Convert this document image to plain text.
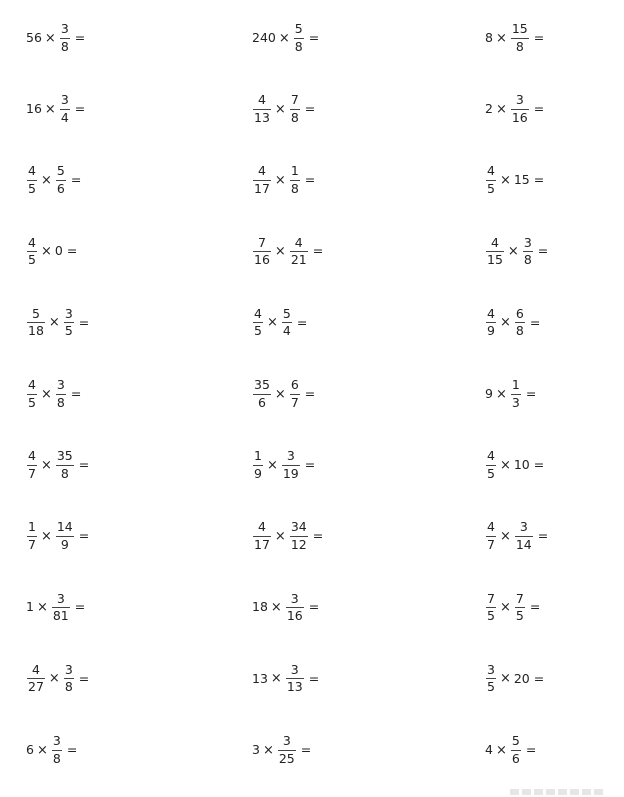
$56 \times \frac{3}{8}$ =	$240 \times \frac{5}{8}$ =	$8 \times \frac{15}{8}$ =
$16 \times \frac{3}{4}$ =	$\frac{4}{13} \times \frac{7}{8}$ =	$2 \times \frac{3}{16}$ =
$\frac{4}{5} \times \frac{5}{6}$ =	$\frac{4}{17} \times \frac{1}{8}$ =	$\frac{4}{5} \times 15$ =
$\frac{4}{5} \times 0$ =	$\frac{7}{16} \times \frac{4}{21}$ =	$\frac{4}{15} \times \frac{3}{8}$ =
$\frac{5}{18} \times \frac{3}{5}$ =	$\frac{4}{5} \times \frac{5}{4}$ =	$\frac{4}{9} \times \frac{6}{8}$ =
$\frac{4}{5} \times \frac{3}{8}$ =	$\frac{35}{6} \times \frac{6}{7}$ =	$9 \times \frac{1}{3}$ =
$\frac{4}{7} \times \frac{35}{8}$ =	$\frac{1}{9} \times \frac{3}{19}$ =	$\frac{4}{5} \times 10$ =
$\frac{1}{7} \times \frac{14}{9}$ =	$\frac{4}{17} \times \frac{34}{12}$ =	$\frac{4}{7} \times \frac{3}{14}$ =
$1 \times \frac{3}{81}$ =	$18 \times \frac{3}{16}$ =	$\frac{7}{5} \times \frac{7}{5}$ =
$\frac{4}{27} \times \frac{3}{8}$ =	$13 \times \frac{3}{13}$ =	$\frac{3}{5} \times 20$ =
$6 \times \frac{3}{8}$ =	$3 \times \frac{3}{25}$ =	$4 \times \frac{5}{6}$ =
